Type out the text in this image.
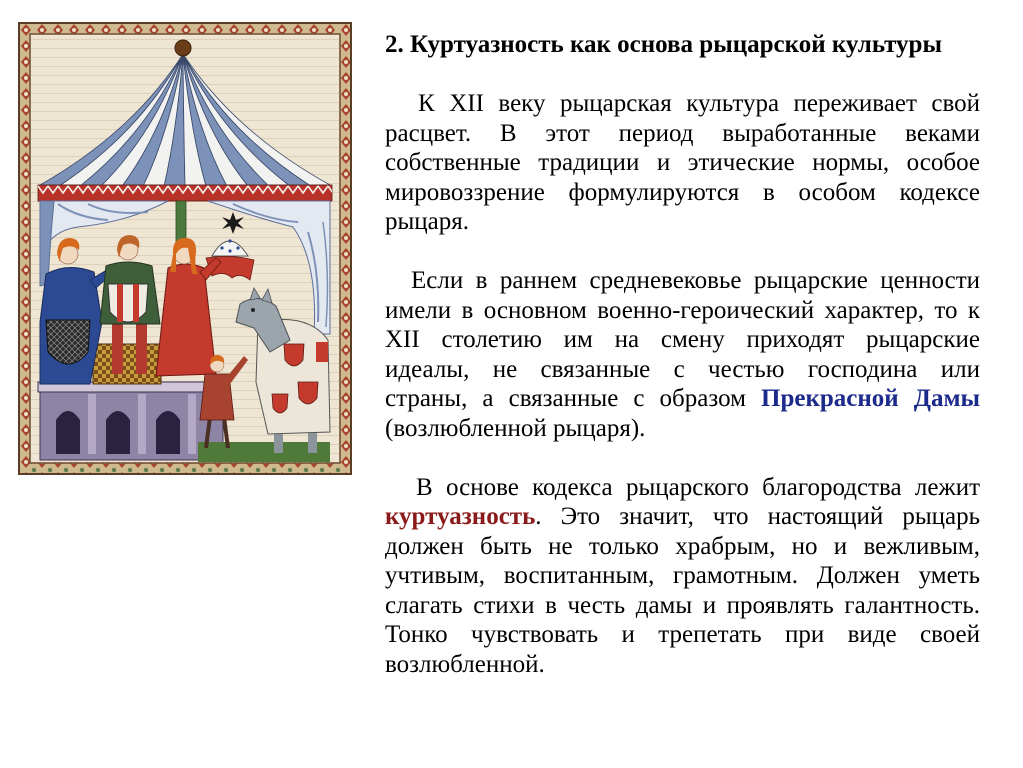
2. Куртуазность как основа рыцарской культуры
К XII веку рыцарская культура переживает свой
расцвет. В этот период выработанные веками
собственные традиции и этические нормы, особое
мировоззрение формулируются в особом кодексе
рыцаря.
Если в раннем средневековье рыцарские ценности
имели в основном военно-героический характер, то к
XII столетию им на смену приходят рыцарские
идеалы, не связанные с честью господина или
страны, а связанные с образом Прекрасной Дамы
(возлюбленной рыцаря).
В основе кодекса рыцарского благородства лежит
куртуазность. Это значит, что настоящий рыцарь
должен быть не только храбрым, но и вежливым,
учтивым, воспитанным, грамотным. Должен уметь
слагать стихи в честь дамы и проявлять галантность.
Тонко чувствовать и трепетать при виде своей
возлюбленной.
